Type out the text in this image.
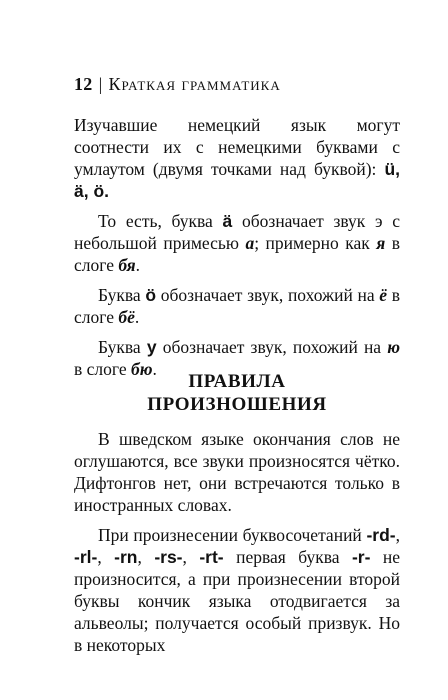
12 | Краткая грамматика

Изучавшие немецкий язык могут соотнести их с немецкими буквами с умлаутом (двумя точками над буквой): ü, ä, ö.

То есть, буква ä обозначает звук э с небольшой примесью а; примерно как я в слоге бя.

Буква ö обозначает звук, похожий на ё в слоге бё.

Буква y обозначает звук, похожий на ю в слоге бю.

ПРАВИЛА
ПРОИЗНОШЕНИЯ

В шведском языке окончания слов не оглушаются, все звуки произносятся чётко. Дифтонгов нет, они встречаются только в иностранных словах.

При произнесении буквосочетаний -rd-, -rl-, -rn, -rs-, -rt- первая буква -r- не произносится, а при произнесении второй буквы кончик языка отодвигается за альвеолы; получается особый призвук. Но в некоторых
